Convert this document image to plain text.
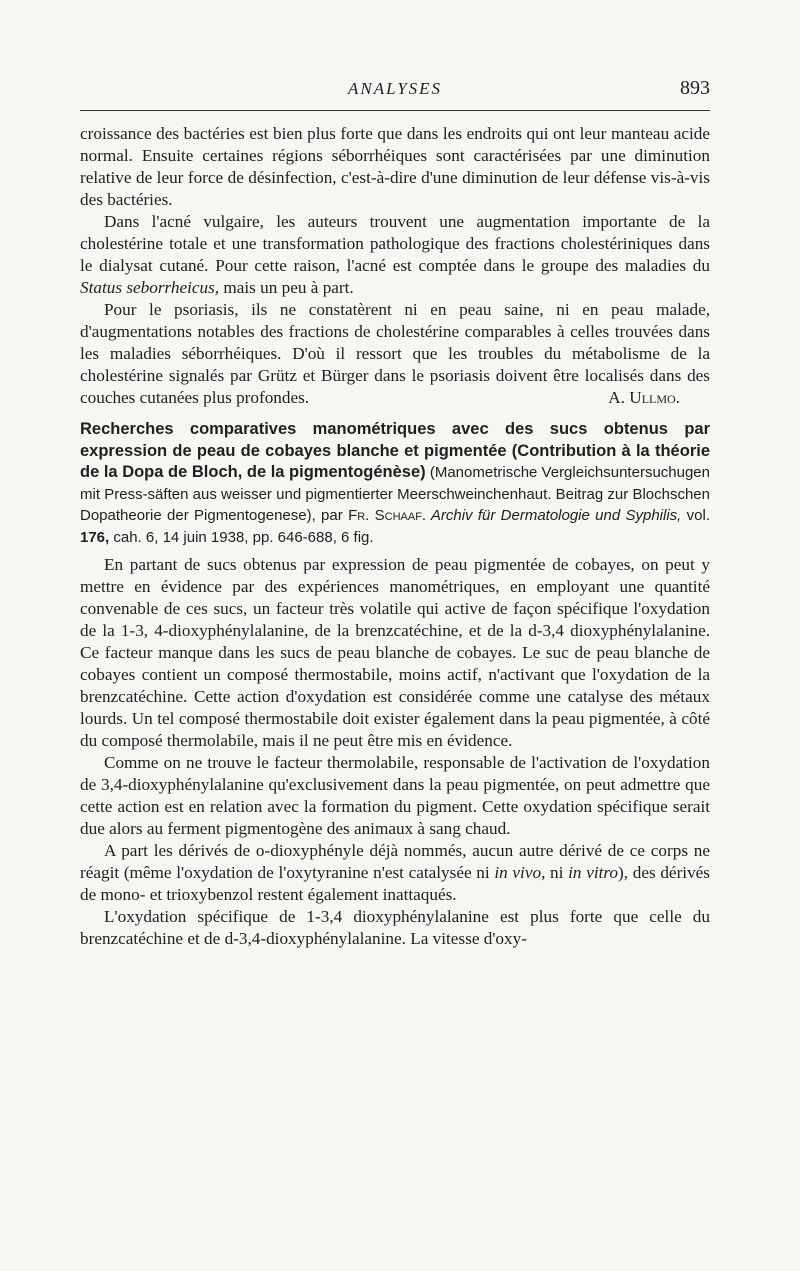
ANALYSES	893

croissance des bactéries est bien plus forte que dans les endroits qui ont leur manteau acide normal. Ensuite certaines régions séborrhéiques sont caractérisées par une diminution relative de leur force de désinfection, c'est-à-dire d'une diminution de leur défense vis-à-vis des bactéries.

Dans l'acné vulgaire, les auteurs trouvent une augmentation importante de la cholestérine totale et une transformation pathologique des fractions cholestériniques dans le dialysat cutané. Pour cette raison, l'acné est comptée dans le groupe des maladies du Status seborrheicus, mais un peu à part.

Pour le psoriasis, ils ne constatèrent ni en peau saine, ni en peau malade, d'augmentations notables des fractions de cholestérine comparables à celles trouvées dans les maladies séborrhéiques. D'où il ressort que les troubles du métabolisme de la cholestérine signalés par Grütz et Bürger dans le psoriasis doivent être localisés dans des couches cutanées plus profondes.	A. Ullmo.

Recherches comparatives manométriques avec des sucs obtenus par expression de peau de cobayes blanche et pigmentée (Contribution à la théorie de la Dopa de Bloch, de la pigmentogénèse) (Manometrische Vergleichsuntersuchugen mit Press-säften aus weisser und pigmentierter Meerschweinchenhaut. Beitrag zur Blochschen Dopatheorie der Pigmentogenese), par Fr. Schaaf. Archiv für Dermatologie und Syphilis, vol. 176, cah. 6, 14 juin 1938, pp. 646-688, 6 fig.

En partant de sucs obtenus par expression de peau pigmentée de cobayes, on peut y mettre en évidence par des expériences manométriques, en employant une quantité convenable de ces sucs, un facteur très volatile qui active de façon spécifique l'oxydation de la 1-3, 4-dioxyphénylalanine, de la brenzcatéchine, et de la d-3,4 dioxyphénylalanine. Ce facteur manque dans les sucs de peau blanche de cobayes. Le suc de peau blanche de cobayes contient un composé thermostabile, moins actif, n'activant que l'oxydation de la brenzcatéchine. Cette action d'oxydation est considérée comme une catalyse des métaux lourds. Un tel composé thermostabile doit exister également dans la peau pigmentée, à côté du composé thermolabile, mais il ne peut être mis en évidence.

Comme on ne trouve le facteur thermolabile, responsable de l'activation de l'oxydation de 3,4-dioxyphénylalanine qu'exclusivement dans la peau pigmentée, on peut admettre que cette action est en relation avec la formation du pigment. Cette oxydation spécifique serait due alors au ferment pigmentogène des animaux à sang chaud.

A part les dérivés de o-dioxyphényle déjà nommés, aucun autre dérivé de ce corps ne réagit (même l'oxydation de l'oxytyranine n'est catalysée ni in vivo, ni in vitro), des dérivés de mono- et trioxybenzol restent également inattaqués.

L'oxydation spécifique de 1-3,4 dioxyphénylalanine est plus forte que celle du brenzcatéchine et de d-3,4-dioxyphénylalanine. La vitesse d'oxy-
